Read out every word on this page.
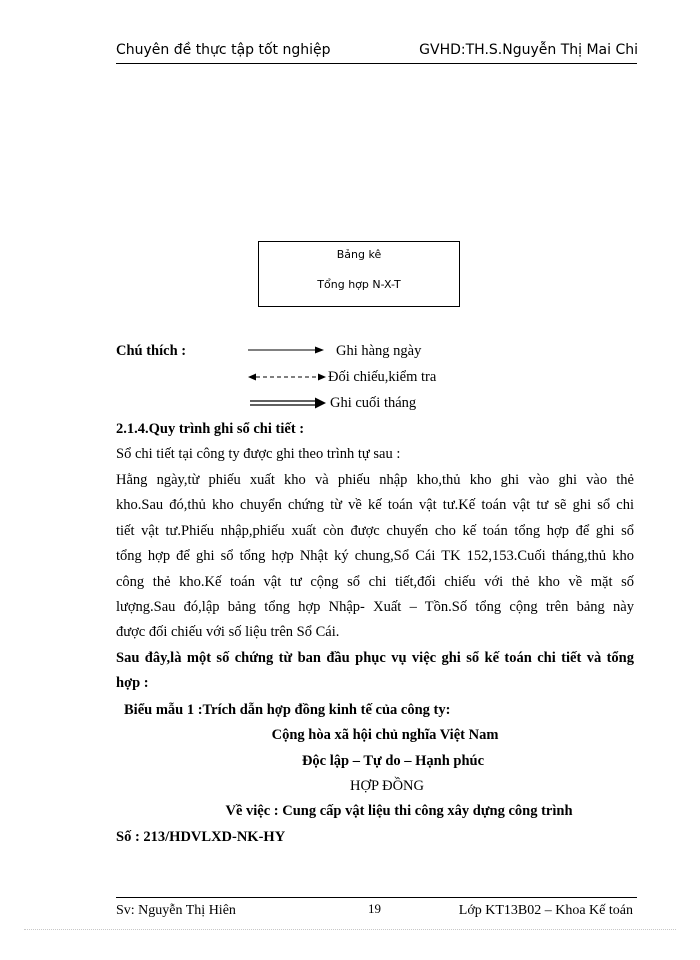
Chuyên đề thực tập tốt nghiệp	GVHD:TH.S.Nguyễn Thị Mai Chi
Bảng kê
Tổng hợp N-X-T
Chú thích :	Ghi hàng ngày
Đối chiếu,kiểm tra
Ghi cuối tháng
2.1.4.Quy trình ghi sổ chi tiết :
Sổ chi tiết tại công ty được ghi theo trình tự sau :
Hằng ngày,từ phiếu xuất kho và phiếu nhập kho,thủ kho ghi vào ghi vào thẻ
kho.Sau đó,thủ kho chuyển chứng từ về kế toán vật tư.Kế toán vật tư sẽ ghi sổ chi
tiết vật tư.Phiếu nhập,phiếu xuất còn được chuyển cho kế toán tổng hợp để ghi sổ
tổng hợp để ghi sổ tổng hợp Nhật ký chung,Sổ Cái TK 152,153.Cuối tháng,thủ kho
công thẻ kho.Kế toán vật tư cộng sổ chi tiết,đối chiếu với thẻ kho về mặt số
lượng.Sau đó,lập bảng tổng hợp Nhập- Xuất – Tồn.Số tổng cộng trên bảng này
được đối chiếu với số liệu trên Sổ Cái.
Sau đây,là một số chứng từ ban đầu phục vụ việc ghi sổ kế toán chi tiết và tổng
hợp :
Biểu mẫu 1 :Trích dẫn hợp đồng kinh tế của công ty:
Cộng hòa xã hội chủ nghĩa Việt Nam
Độc lập – Tự do – Hạnh phúc
HỢP ĐỒNG
Về việc : Cung cấp vật liệu thi công xây dựng công trình
Số : 213/HDVLXD-NK-HY
Sv: Nguyễn Thị Hiên	19	Lớp KT13B02 – Khoa Kế toán
